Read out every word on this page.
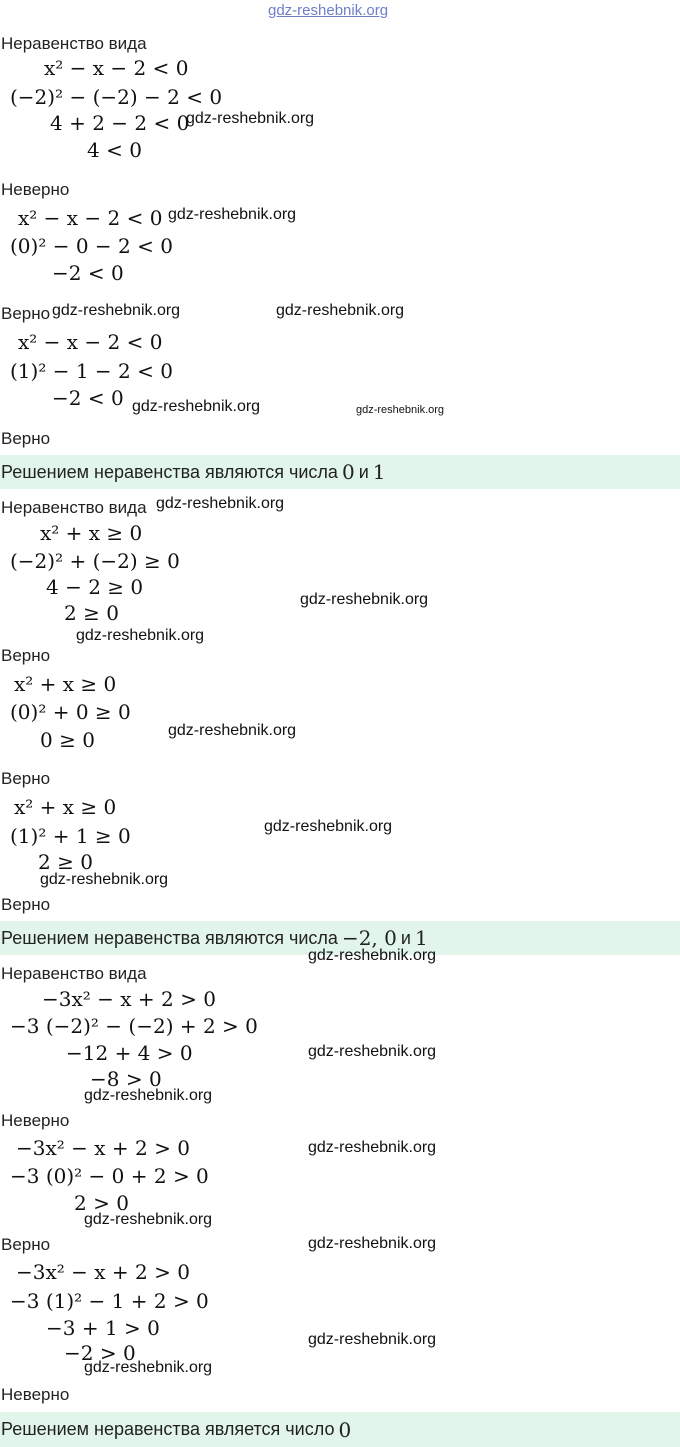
gdz-reshebnik.org
Неравенство вида
x² − x − 2 < 0
(−2)² − (−2) − 2 < 0
4 + 2 − 2 < 0
gdz-reshebnik.org
4 < 0
Неверно
x² − x − 2 < 0 gdz-reshebnik.org
(0)² − 0 − 2 < 0
−2 < 0
Верно gdz-reshebnik.org	gdz-reshebnik.org
x² − x − 2 < 0
(1)² − 1 − 2 < 0
−2 < 0 gdz-reshebnik.org	gdz-reshebnik.org
Верно
Решением неравенства являются числа 0 и 1
Неравенство вида gdz-reshebnik.org
x² + x ≥ 0
(−2)² + (−2) ≥ 0
4 − 2 ≥ 0
2 ≥ 0
gdz-reshebnik.org
gdz-reshebnik.org
Верно
x² + x ≥ 0
(0)² + 0 ≥ 0
0 ≥ 0	gdz-reshebnik.org
Верно
x² + x ≥ 0
(1)² + 1 ≥ 0	gdz-reshebnik.org
2 ≥ 0
gdz-reshebnik.org
Верно
Решением неравенства являются числа −2, 0 и 1
gdz-reshebnik.org
Неравенство вида
−3x² − x + 2 > 0
−3 (−2)² − (−2) + 2 > 0
−12 + 4 > 0	gdz-reshebnik.org
−8 > 0
gdz-reshebnik.org
Неверно
−3x² − x + 2 > 0	gdz-reshebnik.org
−3 (0)² − 0 + 2 > 0
2 > 0
gdz-reshebnik.org
Верно	gdz-reshebnik.org
−3x² − x + 2 > 0
−3 (1)² − 1 + 2 > 0
−3 + 1 > 0	gdz-reshebnik.org
−2 > 0
gdz-reshebnik.org
Неверно
Решением неравенства является число 0
